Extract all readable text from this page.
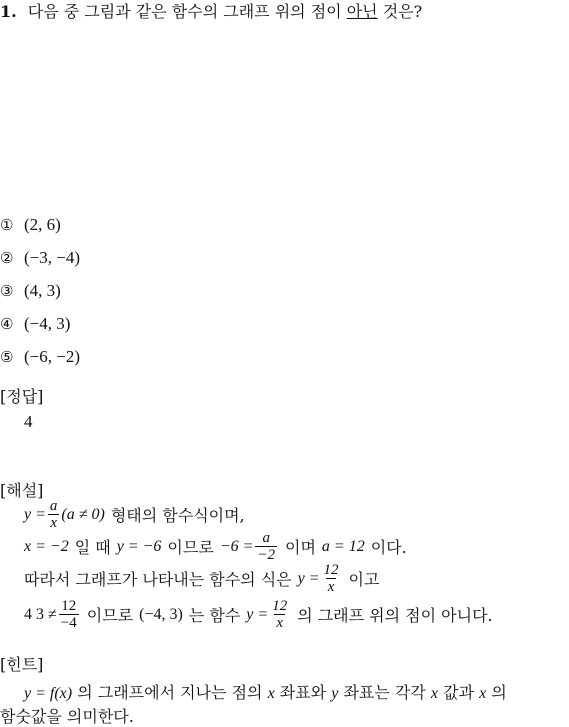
1. 다음 중 그림과 같은 함수의 그래프 위의 점이 아닌 것은?
① (2, 6)
② (−3, −4)
③ (4, 3)
④ (−4, 3)
⑤ (−6, −2)
[정답]
4
[해설]
$y = \frac{a}{x} (a \ne 0)$ 형태의 함수식이며,
x = −2 일 때 y = −6 이므로 $-6 = \frac{a}{-2}$ 이며 a = 12 이다.
따라서 그래프가 나타내는 함수의 식은 $y = \frac{12}{x}$ 이고
4 $3 \ne \frac{12}{-4}$ 이므로 (−4, 3) 는 함수 $y = \frac{12}{x}$ 의 그래프 위의 점이 아니다.
[힌트]
y = f(x) 의 그래프에서 지나는 점의 x 좌표와 y 좌표는 각각 x 값과 x 의
함숫값을 의미한다.
